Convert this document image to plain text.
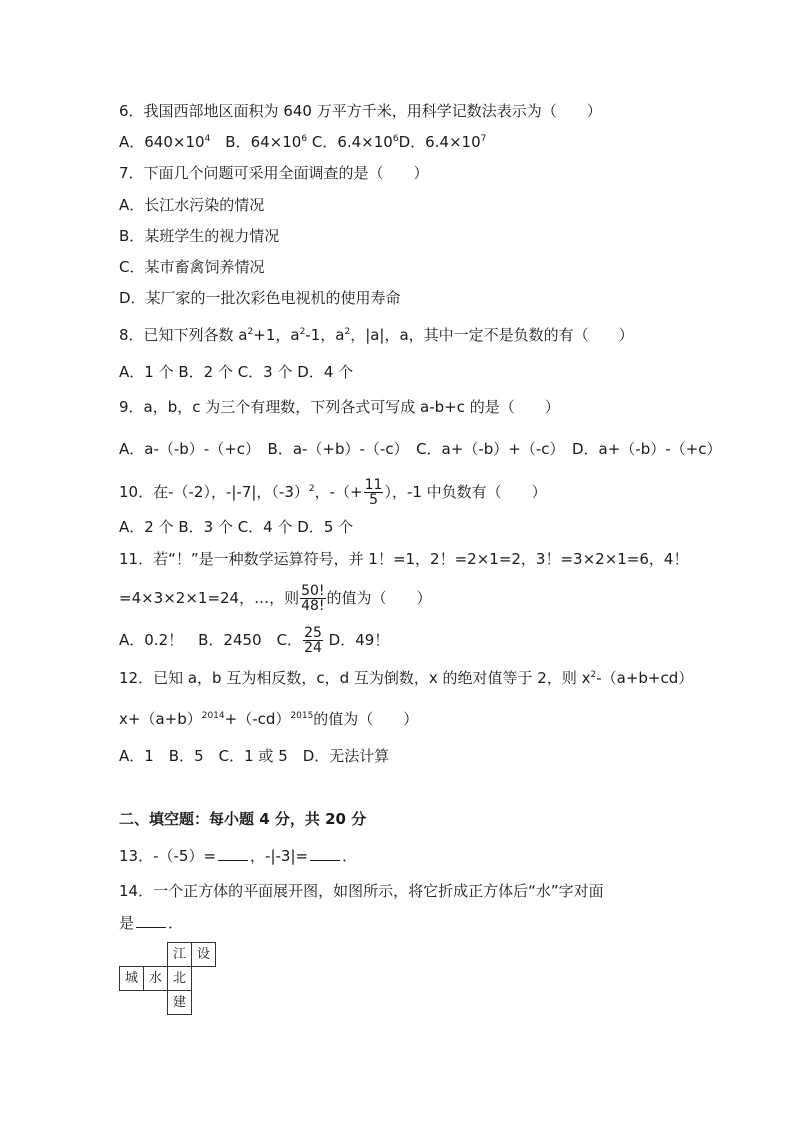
6．我国西部地区面积为 640 万平方千米，用科学记数法表示为（　　）
A．$640\times 10^4$　B．$64\times 10^6$ C．$6.4\times 10^6D$．$6.4\times 10^7$
7．下面几个问题可采用全面调查的是（　　）
A．长江水污染的情况
B．某班学生的视力情况
C．某市畜禽饲养情况
D．某厂家的一批次彩色电视机的使用寿命
8．已知下列各数 $a^2+1$，$a^2-1$，$a^2$，|a|，a，其中一定不是负数的有（　　）
A．1 个 B．2 个 C．3 个 D．4 个
9．a，b，c 为三个有理数，下列各式可写成 a-b+c 的是（　　）
A．a-（-b）-（+c）　B．a-（+b）-（-c）　C．a+（-b）+（-c）　D．a+（-b）-（+c）
10．在-（-2），-|-7|，$(-3)^2$，-（+ $\frac{11}{5}$ ），-1 中负数有（　　）
A．2 个 B．3 个 C．4 个 D．5 个
11．若“！”是一种数学运算符号，并 1！=1，2！=2×1=2，3！=3×2×1=6，4！
=4×3×2×1=24，…，则 $\frac{50!}{48!}$ 的值为（　　）
A．0.2！　B．2450　C． $\frac{25}{24}$ D．49！
12．已知 a，b 互为相反数，c，d 互为倒数，x 的绝对值等于 2，则 $x^2-(a+b+cd)$
$x+(a+b)^{2014}+(-cd)^{2015}$的值为（　　）
A．1　B．5　C．1 或 5　D．无法计算
二、填空题：每小题 4 分，共 20 分
13．-（-5）= ，-|-3|= ．
14．一个正方体的平面展开图，如图所示，将它折成正方体后“水”字对面
是 ．
江 设
城 水 北
建
